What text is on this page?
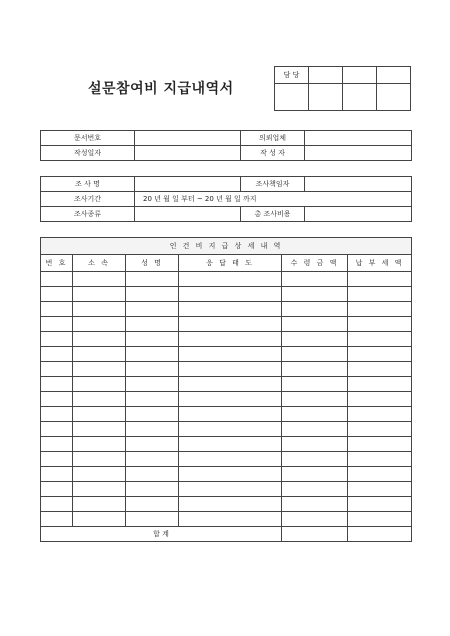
설문참여비 지급내역서
담 당			

문서번호		의뢰업체	
작성일자		작 성 자	
조 사 명		조사책임자	
조사기간	20 년 월 일 부터 ~ 20 년 월 일 까지		
조사종류		총 조사비용	
인 건 비 지 급 상 세 내 역					
번 호	소 속	성 명	응 답 태 도	수 령 금 액	납 부 세 액

합 계					
